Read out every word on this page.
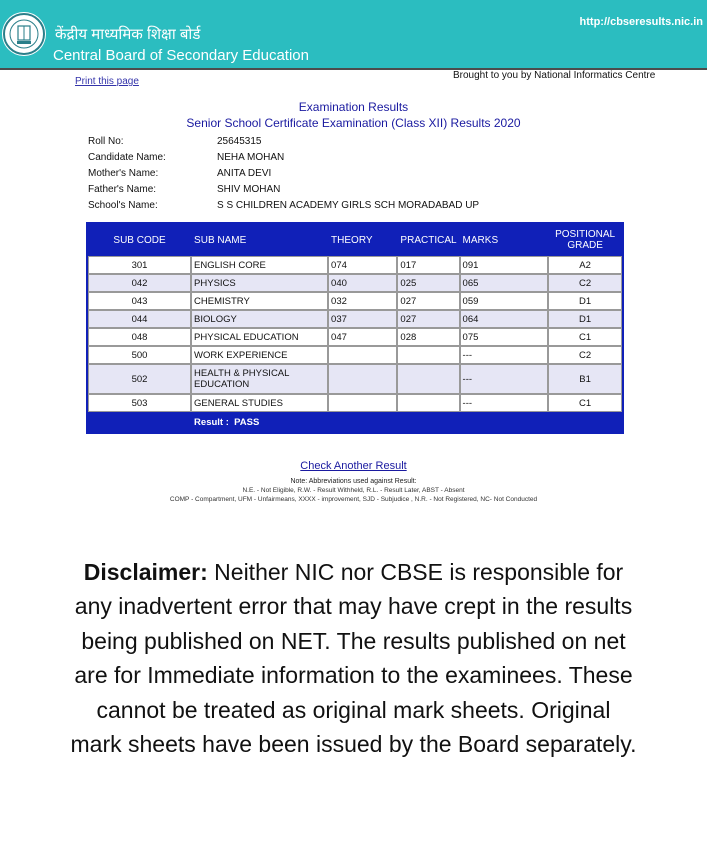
केंद्रीय माध्यमिक शिक्षा बोर्ड
Central Board of Secondary Education
http://cbseresults.nic.in
Print this page
Brought to you by National Informatics Centre
Examination Results
Senior School Certificate Examination (Class XII) Results 2020
Roll No:	25645315
Candidate Name:	NEHA MOHAN
Mother's Name:	ANITA DEVI
Father's Name:	SHIV MOHAN
School's Name:	S S CHILDREN ACADEMY GIRLS SCH MORADABAD UP
SUB CODE	SUB NAME	THEORY	PRACTICAL	MARKS	POSITIONAL
GRADE
301	ENGLISH CORE	074	017	091	A2
042	PHYSICS	040	025	065	C2
043	CHEMISTRY	032	027	059	D1
044	BIOLOGY	037	027	064	D1
048	PHYSICAL EDUCATION	047	028	075	C1
500	WORK EXPERIENCE			---	C2
502	HEALTH & PHYSICAL EDUCATION			---	B1
503	GENERAL STUDIES			---	C1
	Result : PASS				
Check Another Result
Note: Abbreviations used against Result:
N.E. - Not Eligible, R.W. - Result Withheld, R.L. - Result Later, ABST - Absent
COMP - Compartment, UFM - Unfairmeans, XXXX - improvement, SJD - Subjudice , N.R. - Not Registered, NC- Not Conducted
Disclaimer: Neither NIC nor CBSE is responsible for any inadvertent error that may have crept in the results being published on NET. The results published on net are for Immediate information to the examinees. These cannot be treated as original mark sheets. Original mark sheets have been issued by the Board separately.
